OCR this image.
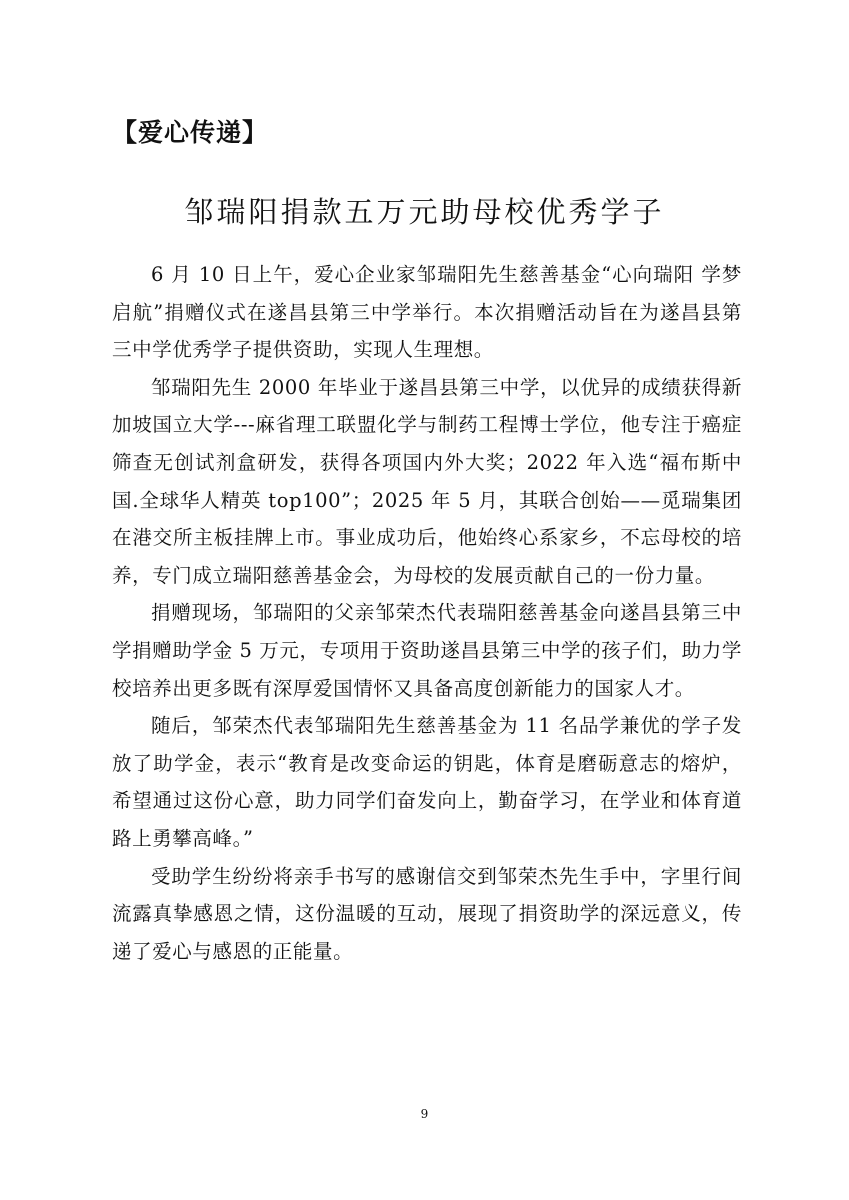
【爱心传递】
邹瑞阳捐款五万元助母校优秀学子

6 月 10 日上午，爱心企业家邹瑞阳先生慈善基金“心向瑞阳 学梦启航”捐赠仪式在遂昌县第三中学举行。本次捐赠活动旨在为遂昌县第三中学优秀学子提供资助，实现人生理想。

邹瑞阳先生 2000 年毕业于遂昌县第三中学，以优异的成绩获得新加坡国立大学---麻省理工联盟化学与制药工程博士学位，他专注于癌症筛查无创试剂盒研发，获得各项国内外大奖；2022 年入选“福布斯中国.全球华人精英 top100”；2025 年 5 月，其联合创始——觅瑞集团在港交所主板挂牌上市。事业成功后，他始终心系家乡，不忘母校的培养，专门成立瑞阳慈善基金会，为母校的发展贡献自己的一份力量。

捐赠现场，邹瑞阳的父亲邹荣杰代表瑞阳慈善基金向遂昌县第三中学捐赠助学金 5 万元，专项用于资助遂昌县第三中学的孩子们，助力学校培养出更多既有深厚爱国情怀又具备高度创新能力的国家人才。

随后，邹荣杰代表邹瑞阳先生慈善基金为 11 名品学兼优的学子发放了助学金，表示“教育是改变命运的钥匙，体育是磨砺意志的熔炉，希望通过这份心意，助力同学们奋发向上，勤奋学习，在学业和体育道路上勇攀高峰。”

受助学生纷纷将亲手书写的感谢信交到邹荣杰先生手中，字里行间流露真挚感恩之情，这份温暖的互动，展现了捐资助学的深远意义，传递了爱心与感恩的正能量。

9
